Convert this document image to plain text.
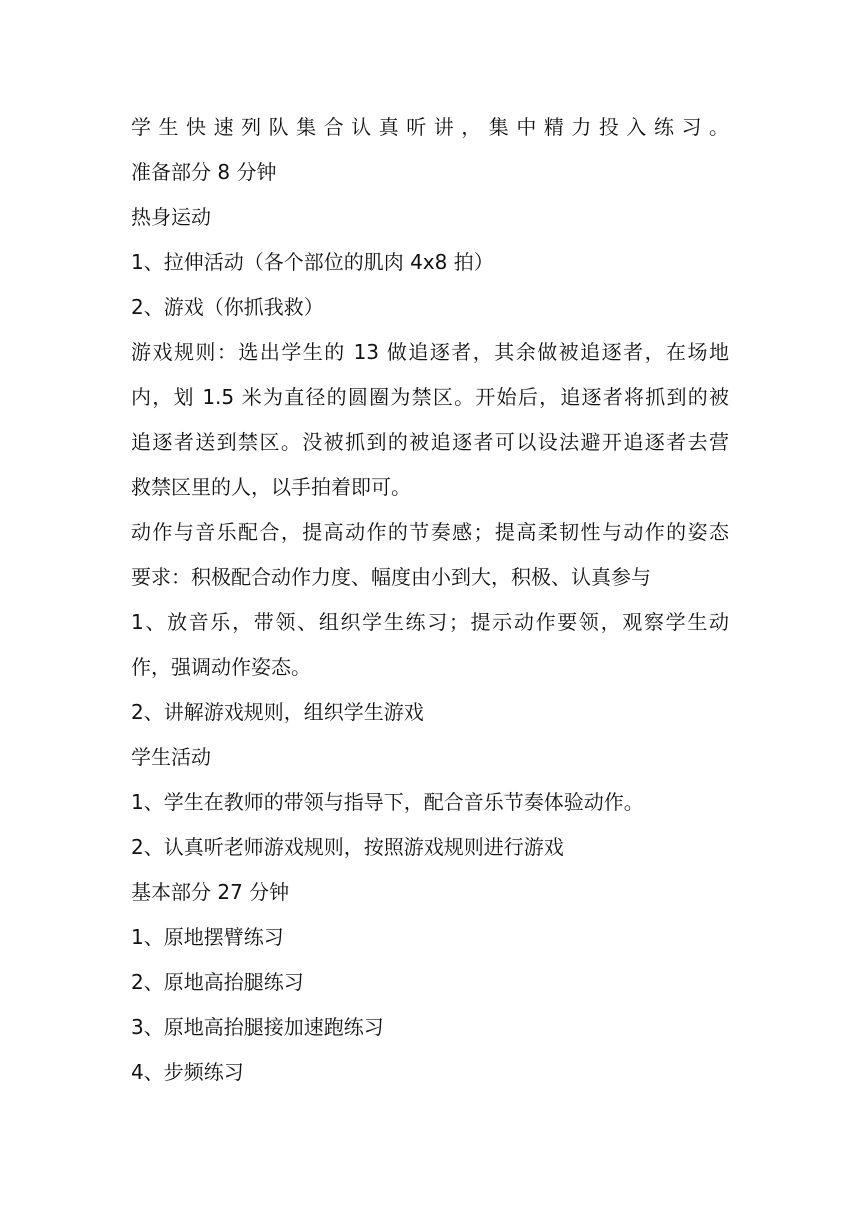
学 生 快 速 列 队 集 合 认 真 听 讲 ， 集 中 精 力 投 入 练 习 。
准备部分 8 分钟
热身运动
1、拉伸活动（各个部位的肌肉 4x8 拍）
2、游戏（你抓我救）
游戏规则：选出学生的 13 做追逐者，其余做被追逐者，在场地
内，划 1.5 米为直径的圆圈为禁区。开始后，追逐者将抓到的被
追逐者送到禁区。没被抓到的被追逐者可以设法避开追逐者去营
救禁区里的人，以手拍着即可。
动作与音乐配合，提高动作的节奏感；提高柔韧性与动作的姿态
要求：积极配合动作力度、幅度由小到大，积极、认真参与
1、放音乐，带领、组织学生练习；提示动作要领，观察学生动
作，强调动作姿态。
2、讲解游戏规则，组织学生游戏
学生活动
1、学生在教师的带领与指导下，配合音乐节奏体验动作。
2、认真听老师游戏规则，按照游戏规则进行游戏
基本部分 27 分钟
1、原地摆臂练习
2、原地高抬腿练习
3、原地高抬腿接加速跑练习
4、步频练习
